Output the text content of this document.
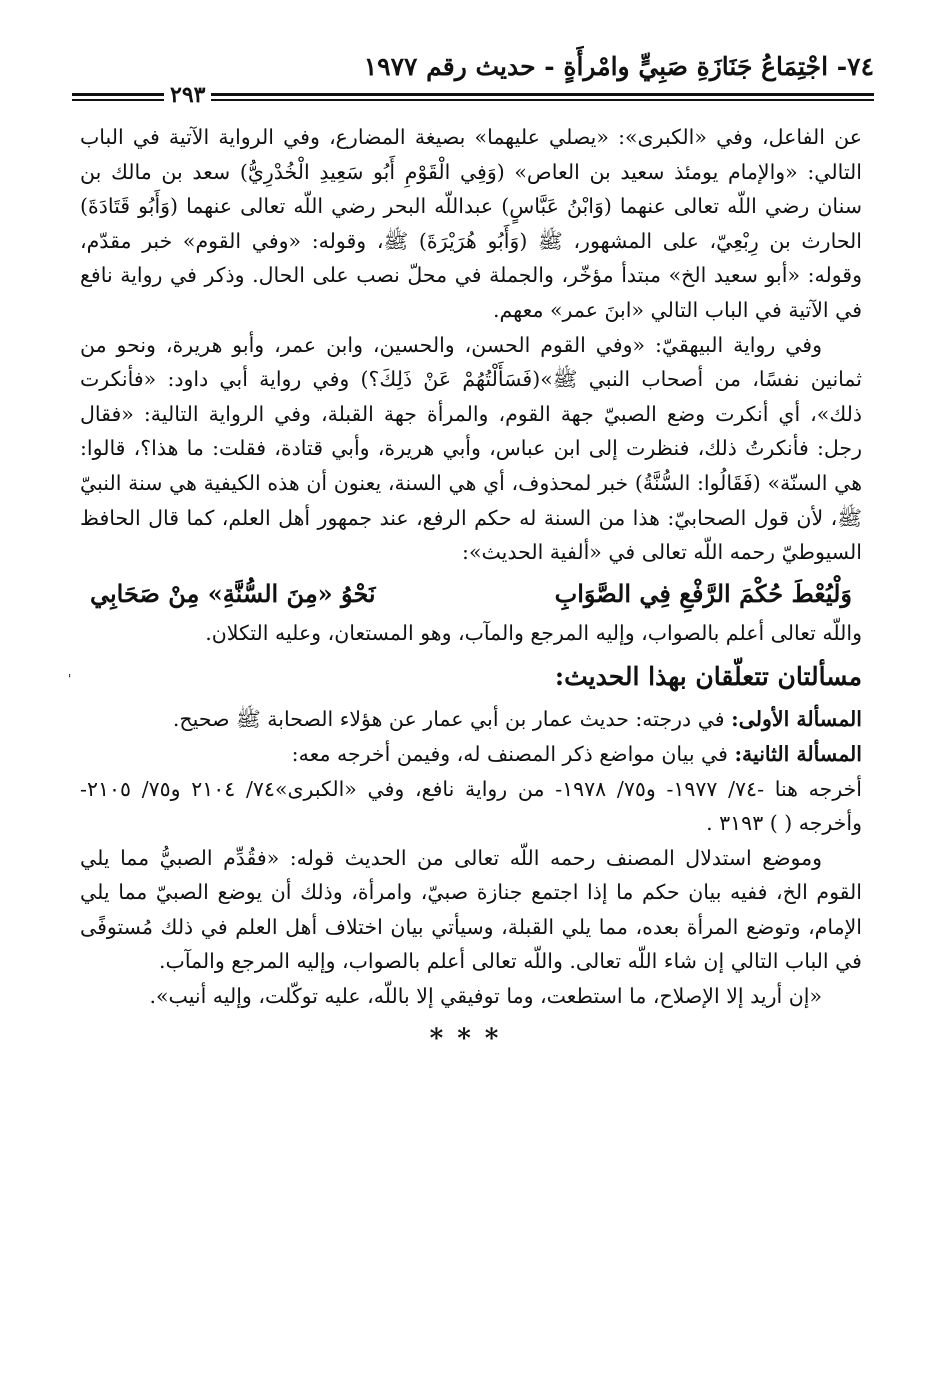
٧٤- اجْتِمَاعُ جَنَازَةِ صَبِيٍّ وامْرأَةٍ - حديث رقم ١٩٧٧
٢٩٣

عن الفاعل، وفي «الكبرى»: «يصلي عليهما» بصيغة المضارع، وفي الرواية الآتية في الباب التالي: «والإمام يومئذ سعيد بن العاص» (وَفِي الْقَوْمِ أَبُو سَعِيدِ الْخُدْرِيُّ) سعد بن مالك بن سنان رضي اللّه تعالى عنهما (وَابْنُ عَبَّاسٍ) عبداللّه البحر رضي اللّه تعالى عنهما (وَأَبُو قَتَادَةَ) الحارث بن رِبْعِيّ، على المشهور، ﷺ (وَأَبُو هُرَيْرَةَ) ﷺ، وقوله: «وفي القوم» خبر مقدّم، وقوله: «أبو سعيد الخ» مبتدأ مؤخّر، والجملة في محلّ نصب على الحال. وذكر في رواية نافع في الآتية في الباب التالي «ابنَ عمر» معهم.

وفي رواية البيهقيّ: «وفي القوم الحسن، والحسين، وابن عمر، وأبو هريرة، ونحو من ثمانين نفسًا، من أصحاب النبي ﷺ»(فَسَأَلْتُهُمْ عَنْ ذَلِكَ؟) وفي رواية أبي داود: «فأنكرت ذلك»، أي أنكرت وضع الصبيّ جهة القوم، والمرأة جهة القبلة، وفي الرواية التالية: «فقال رجل: فأنكرتُ ذلك، فنظرت إلى ابن عباس، وأبي هريرة، وأبي قتادة، فقلت: ما هذا؟، قالوا: هي السنّة» (فَقَالُوا: السُّنَّةُ) خبر لمحذوف، أي هي السنة، يعنون أن هذه الكيفية هي سنة النبيّ ﷺ، لأن قول الصحابيّ: هذا من السنة له حكم الرفع، عند جمهور أهل العلم، كما قال الحافظ السيوطيّ رحمه اللّه تعالى في «ألفية الحديث»:

وَلْيُعْطَ حُكْمَ الرَّفْعِ فِي الصَّوَابِ
نَحْوُ «مِنَ السُّنَّةِ» مِنْ صَحَابِي

واللّه تعالى أعلم بالصواب، وإليه المرجع والمآب، وهو المستعان، وعليه التكلان.

مسألتان تتعلّقان بهذا الحديث:

المسألة الأولى: في درجته: حديث عمار بن أبي عمار عن هؤلاء الصحابة ﷺ صحيح.

المسألة الثانية: في بيان مواضع ذكر المصنف له، وفيمن أخرجه معه:

أخرجه هنا -٧٤/ ١٩٧٧- و٧٥/ ١٩٧٨- من رواية نافع، وفي «الكبرى»٧٤/ ٢١٠٤ و٧٥/ ٢١٠٥- وأخرجه ( ) ٣١٩٣ .

وموضع استدلال المصنف رحمه اللّه تعالى من الحديث قوله: «فقُدِّم الصبيُّ مما يلي القوم الخ، ففيه بيان حكم ما إذا اجتمع جنازة صبيّ، وامرأة، وذلك أن يوضع الصبيّ مما يلي الإمام، وتوضع المرأة بعده، مما يلي القبلة، وسيأتي بيان اختلاف أهل العلم في ذلك مُستوفًى في الباب التالي إن شاء اللّه تعالى. واللّه تعالى أعلم بالصواب، وإليه المرجع والمآب.

«إن أريد إلا الإصلاح، ما استطعت، وما توفيقي إلا باللّه، عليه توكّلت، وإليه أنيب».

***
'
